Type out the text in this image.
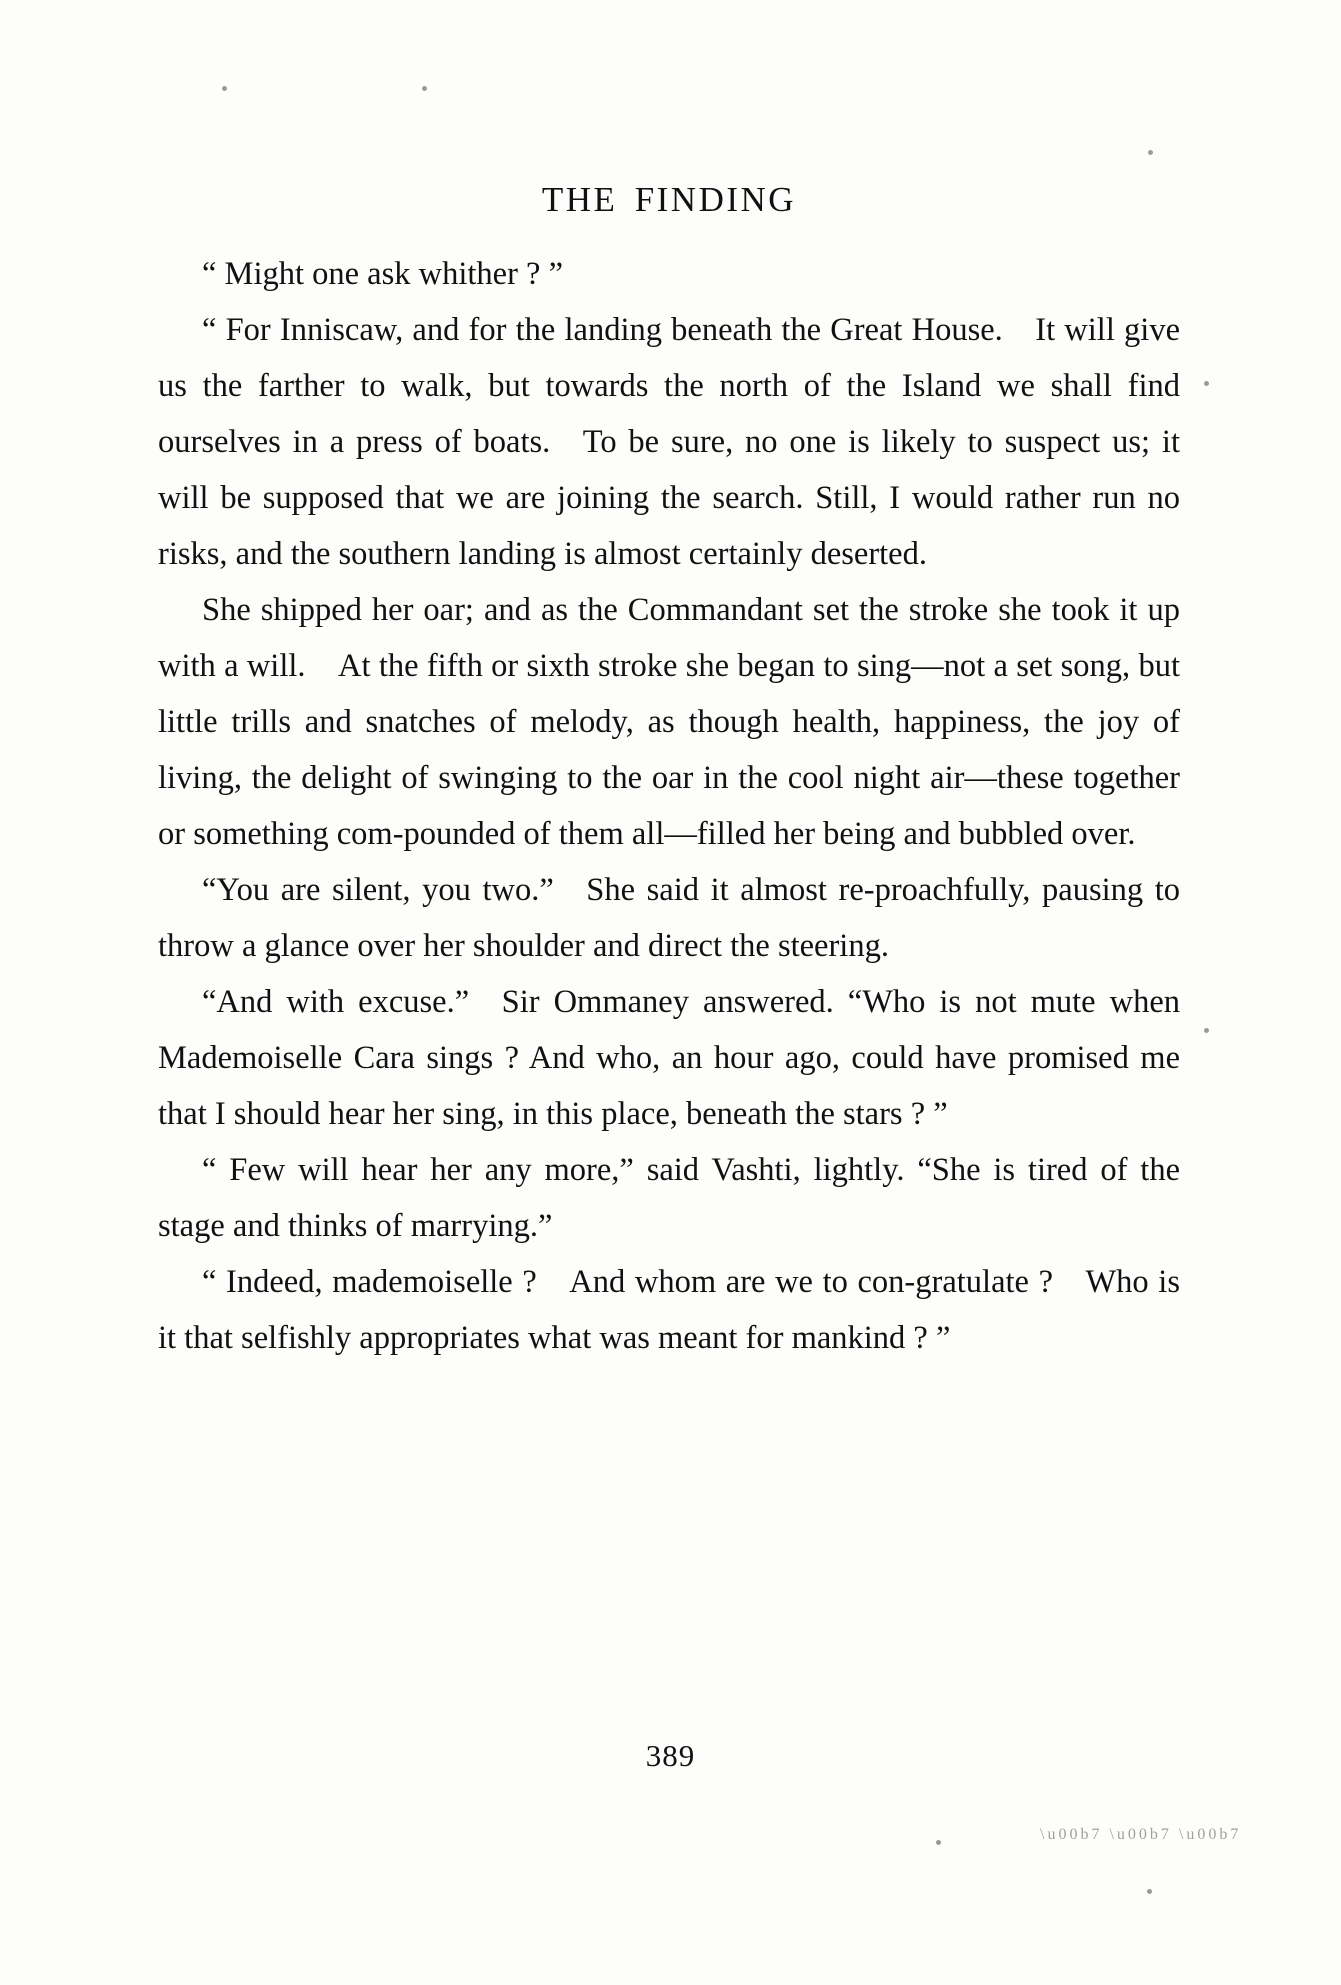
\u00b7 \u00b7 \u00b7
THE FINDING

“ Might one ask whither ? ”

“ For Inniscaw, and for the landing beneath the Great House. It will give us the farther to walk, but towards the north of the Island we shall find ourselves in a press of boats. To be sure, no one is likely to suspect us; it will be supposed that we are joining the search. Still, I would rather run no risks, and the southern landing is almost certainly deserted.

She shipped her oar; and as the Commandant set the stroke she took it up with a will. At the fifth or sixth stroke she began to sing—not a set song, but little trills and snatches of melody, as though health, happiness, the joy of living, the delight of swinging to the oar in the cool night air—these together or something com-pounded of them all—filled her being and bubbled over.

“You are silent, you two.” She said it almost re-proachfully, pausing to throw a glance over her shoulder and direct the steering.

“And with excuse.” Sir Ommaney answered. “Who is not mute when Mademoiselle Cara sings ? And who, an hour ago, could have promised me that I should hear her sing, in this place, beneath the stars ? ”

“ Few will hear her any more,” said Vashti, lightly. “She is tired of the stage and thinks of marrying.”

“ Indeed, mademoiselle ? And whom are we to con-gratulate ? Who is it that selfishly appropriates what was meant for mankind ? ”

389
